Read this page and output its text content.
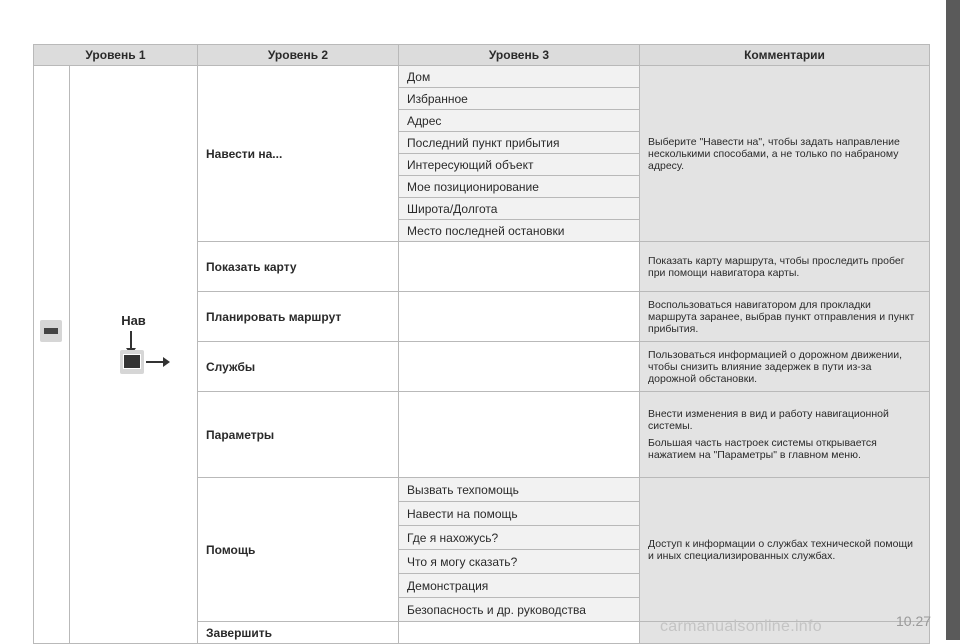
Уровень 1		Уровень 2	Уровень 3	Комментарии

	Нав	Навести на...	Дом	Выберите "Навести на", чтобы задать направление несколькими способами, а не только по набраному адресу.
			Избранное	
			Адрес	
			Последний пункт прибытия	
			Интересующий объект	
			Мое позиционирование	
			Широта/Долгота	
			Место последней остановки	
		Показать карту		Показать карту маршрута, чтобы проследить пробег при помощи навигатора карты.
		Планировать маршрут		Воспользоваться навигатором для прокладки маршрута заранее, выбрав пункт отправления и пункт прибытия.
		Службы		Пользоваться информацией о дорожном движении, чтобы снизить влияние задержек в пути из-за дорожной обстановки.
		Параметры		Внести изменения в вид и работу навигационной системы.

Большая часть настроек системы открывается нажатием на "Параметры" в главном меню.

		Помощь	Вызвать техпомощь	Доступ к информации о службах технической помощи и иных специализированных службах.
			Навести на помощь	
			Где я нахожусь?	
			Что я могу сказать?	
			Демонстрация	
			Безопасность и др. руководства	
		Завершить			carmanualsonline.info	10.27
